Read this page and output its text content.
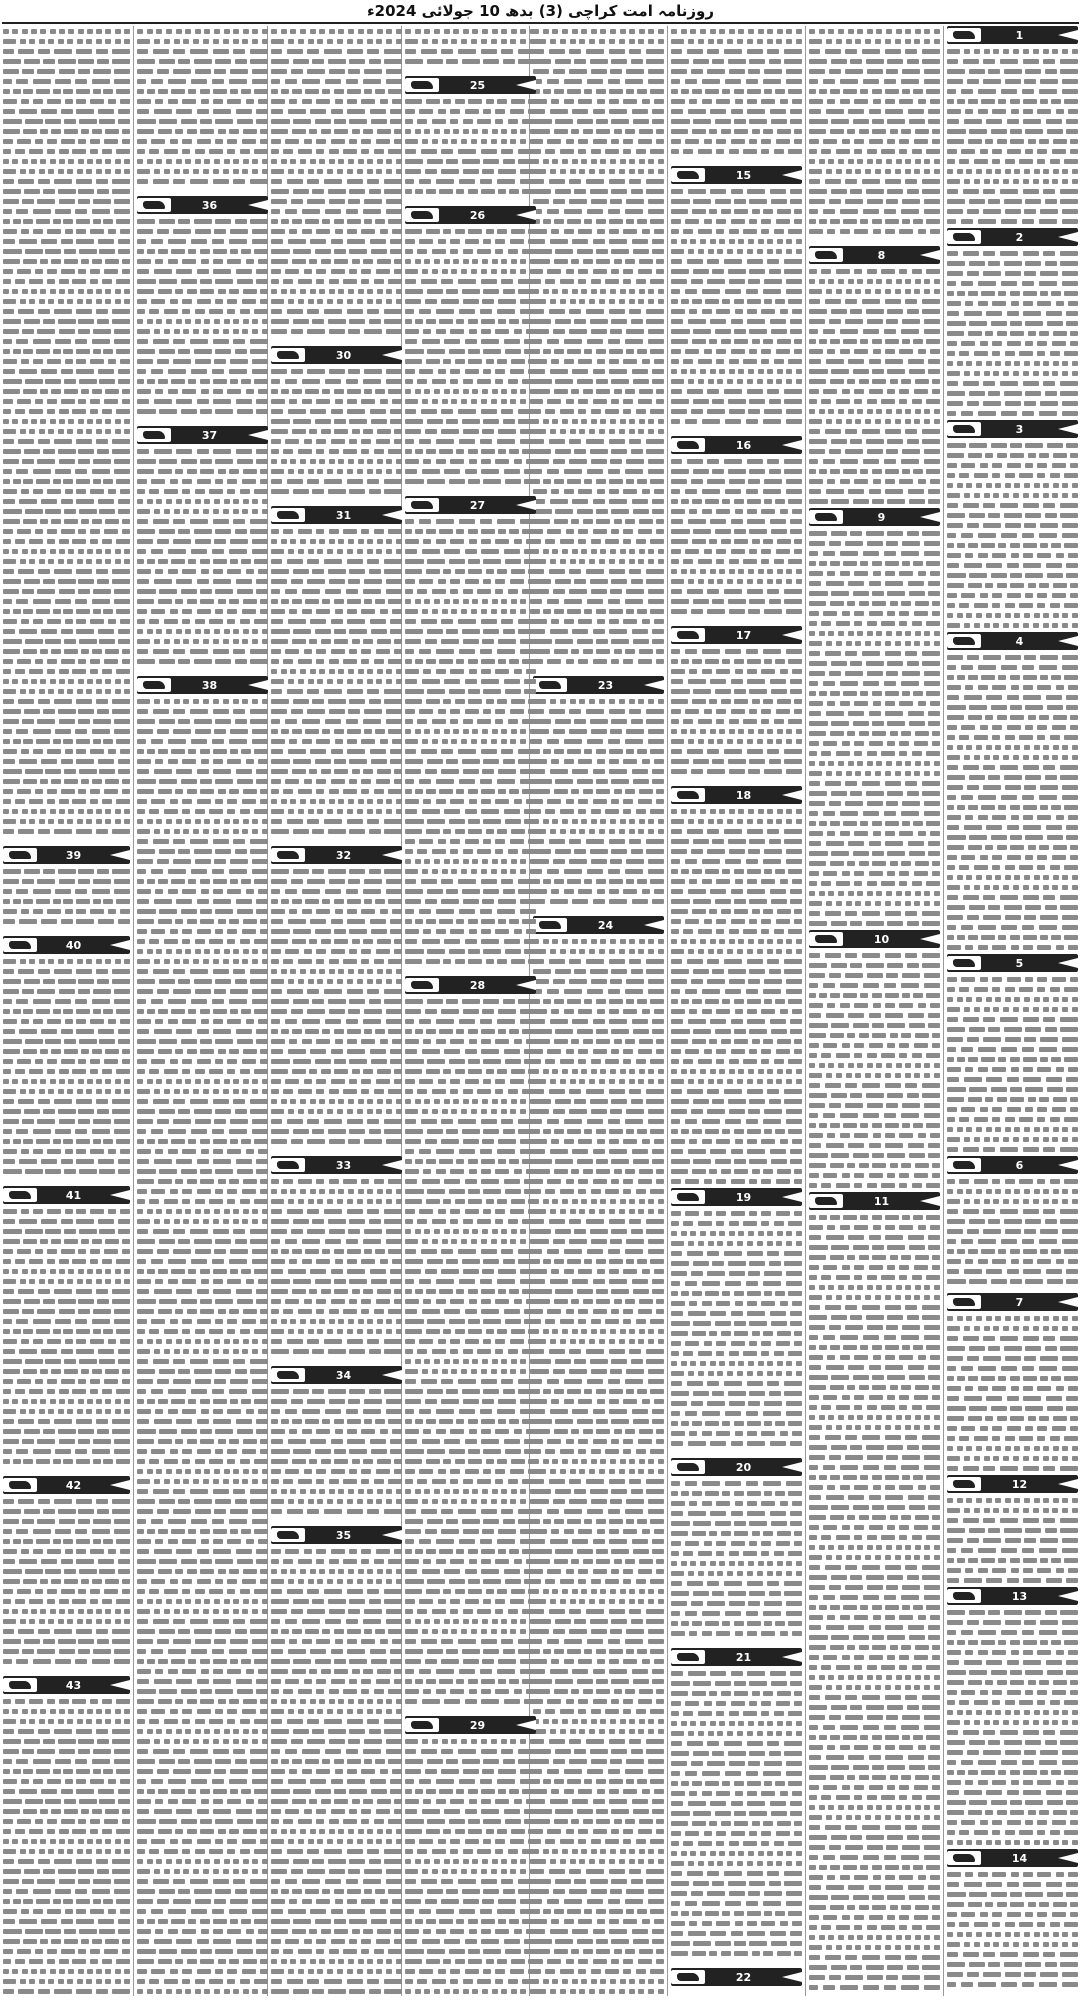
روزنامہ امت کراچی (3) بدھ 10 جولائی 2024ء
1
2
3
4
5
6
7
12
13
14
8
9
10
11
15
16
17
18
19
20
21
22
23
24
25
26
27
28
29
30
31
32
33
34
35
36
37
38
39
40
41
42
43
